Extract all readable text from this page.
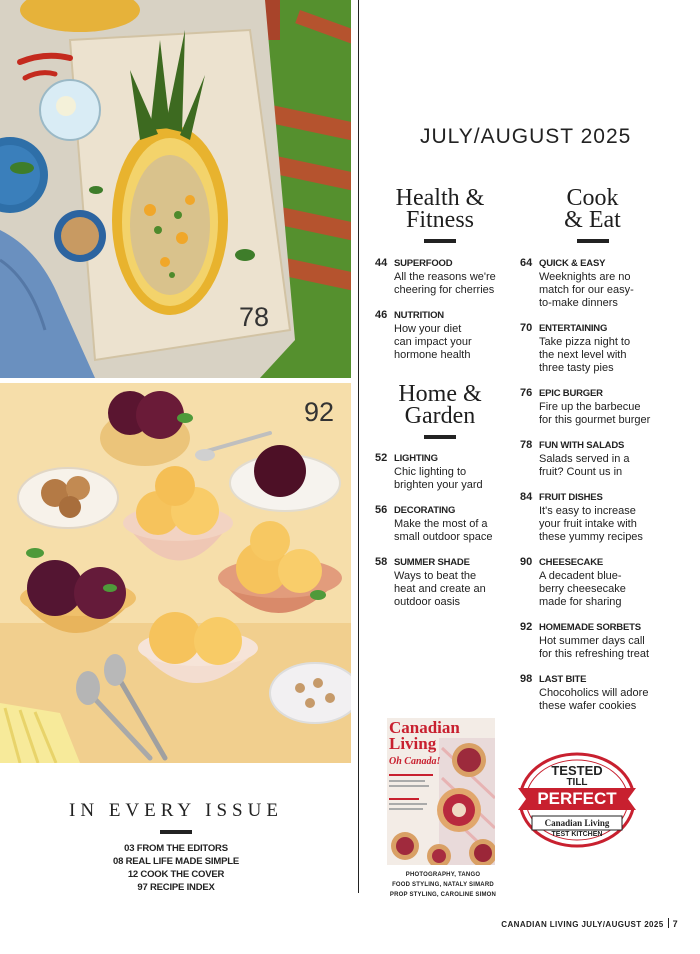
78
92
JULY/AUGUST 2025
Health &
Fitness
44 SUPERFOOD
All the reasons we're
cheering for cherries
46 NUTRITION
How your diet
can impact your
hormone health
Home &
Garden
52 LIGHTING
Chic lighting to
brighten your yard
56 DECORATING
Make the most of a
small outdoor space
58 SUMMER SHADE
Ways to beat the
heat and create an
outdoor oasis
Cook
& Eat
64 QUICK & EASY
Weeknights are no
match for our easy-
to-make dinners
70 ENTERTAINING
Take pizza night to
the next level with
three tasty pies
76 EPIC BURGER
Fire up the barbecue
for this gourmet burger
78 FUN WITH SALADS
Salads served in a
fruit? Count us in
84 FRUIT DISHES
It's easy to increase
your fruit intake with
these yummy recipes
90 CHEESECAKE
A decadent blue-
berry cheesecake
made for sharing
92 HOMEMADE SORBETS
Hot summer days call
for this refreshing treat
98 LAST BITE
Chocoholics will adore
these wafer cookies
IN EVERY ISSUE
03 FROM THE EDITORS
08 REAL LIFE MADE SIMPLE
12 COOK THE COVER
97 RECIPE INDEX
Canadian
Living
Oh Canada!
PHOTOGRAPHY, TANGO
FOOD STYLING, NATALY SIMARD
PROP STYLING, CAROLINE SIMON
TESTED
TILL
PERFECT
Canadian Living
TEST KITCHEN
CANADIAN LIVING JULY/AUGUST 2025 7
